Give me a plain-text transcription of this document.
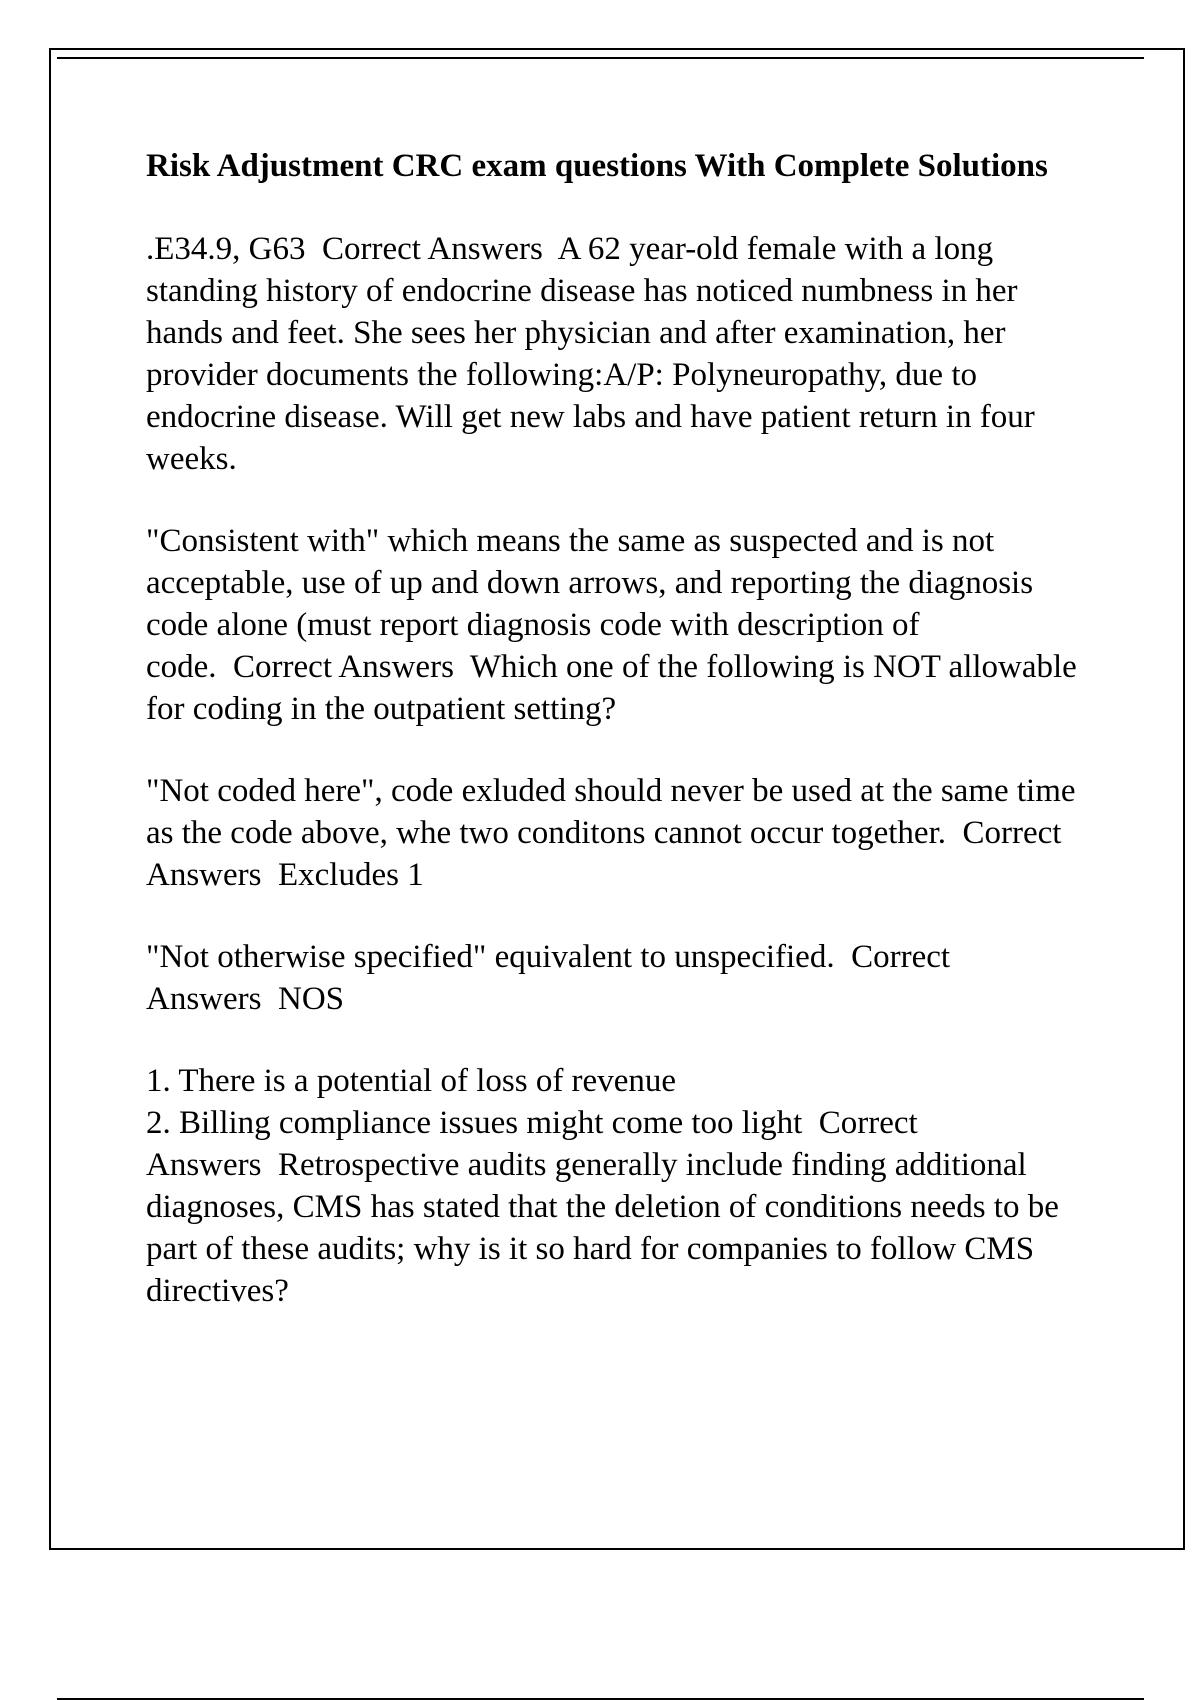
Risk Adjustment CRC exam questions With Complete Solutions
.E34.9, G63 Correct Answers A 62 year-old female with a long standing history of endocrine disease has noticed numbness in her hands and feet. She sees her physician and after examination, her provider documents the following:A/P: Polyneuropathy, due to endocrine disease. Will get new labs and have patient return in four weeks.
"Consistent with" which means the same as suspected and is not acceptable, use of up and down arrows, and reporting the diagnosis code alone (must report diagnosis code with description of code. Correct Answers Which one of the following is NOT allowable for coding in the outpatient setting?
"Not coded here", code exluded should never be used at the same time as the code above, whe two conditons cannot occur together. Correct Answers Excludes 1
"Not otherwise specified" equivalent to unspecified. Correct Answers NOS
1. There is a potential of loss of revenue
2. Billing compliance issues might come too light Correct Answers Retrospective audits generally include finding additional diagnoses, CMS has stated that the deletion of conditions needs to be part of these audits; why is it so hard for companies to follow CMS directives?
